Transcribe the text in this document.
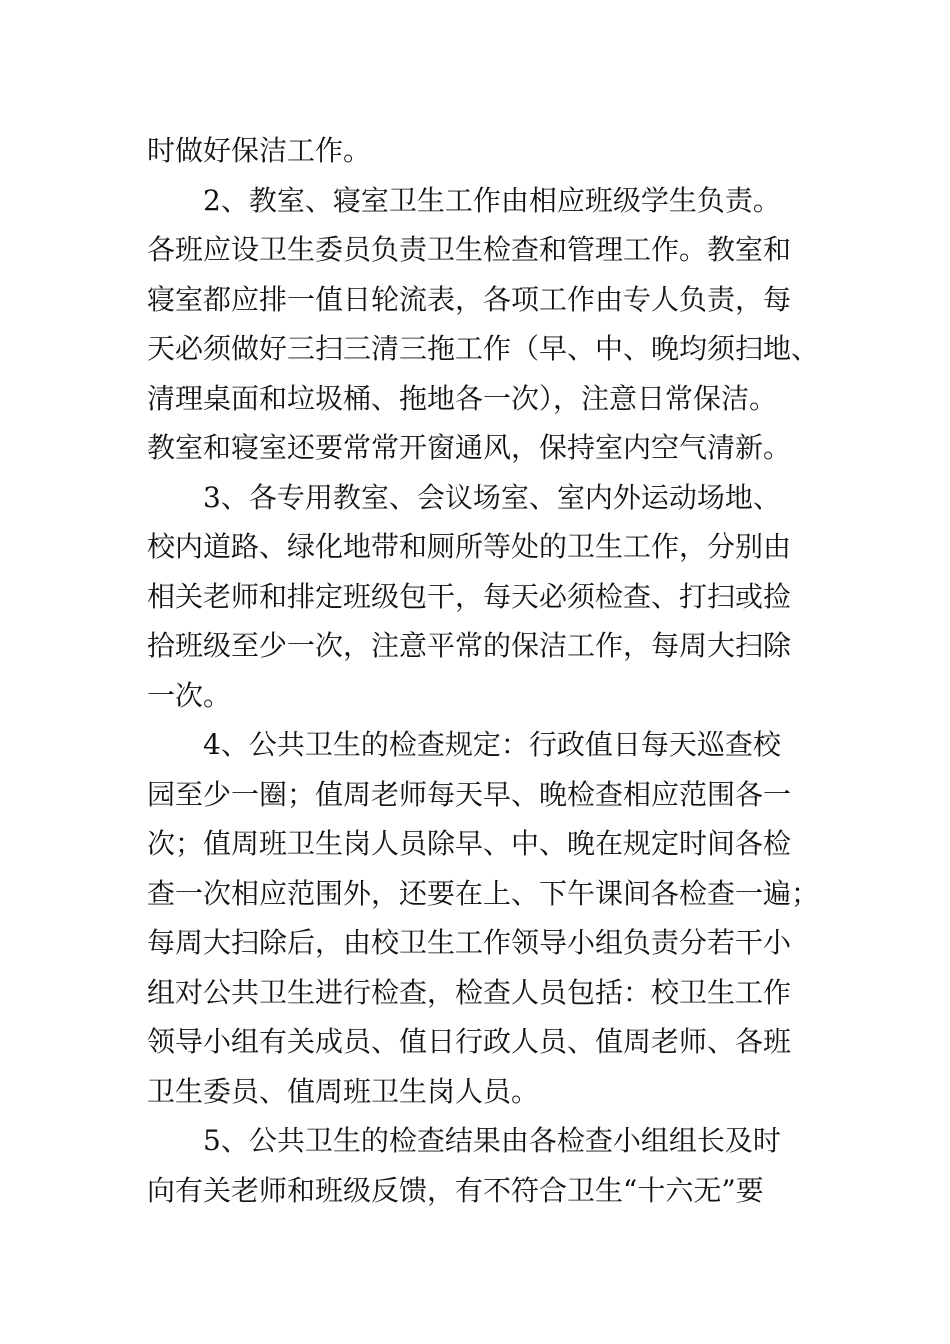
时做好保洁工作。
2、教室、寝室卫生工作由相应班级学生负责。
各班应设卫生委员负责卫生检查和管理工作。教室和
寝室都应排一值日轮流表，各项工作由专人负责，每
天必须做好三扫三清三拖工作（早、中、晚均须扫地、
清理桌面和垃圾桶、拖地各一次），注意日常保洁。
教室和寝室还要常常开窗通风，保持室内空气清新。
3、各专用教室、会议场室、室内外运动场地、
校内道路、绿化地带和厕所等处的卫生工作，分别由
相关老师和排定班级包干，每天必须检查、打扫或捡
拾班级至少一次，注意平常的保洁工作，每周大扫除
一次。
4、公共卫生的检查规定：行政值日每天巡查校
园至少一圈；值周老师每天早、晚检查相应范围各一
次；值周班卫生岗人员除早、中、晚在规定时间各检
查一次相应范围外，还要在上、下午课间各检查一遍；
每周大扫除后，由校卫生工作领导小组负责分若干小
组对公共卫生进行检查，检查人员包括：校卫生工作
领导小组有关成员、值日行政人员、值周老师、各班
卫生委员、值周班卫生岗人员。
5、公共卫生的检查结果由各检查小组组长及时
向有关老师和班级反馈，有不符合卫生“十六无”要
